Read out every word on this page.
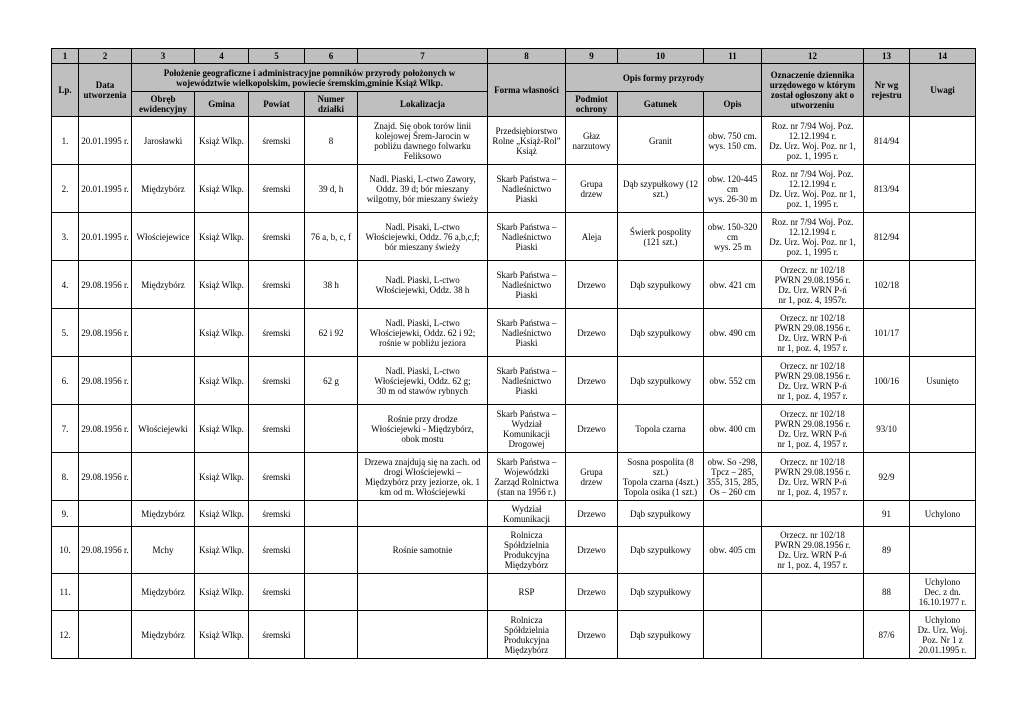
1	2	3	4	5	6	7	8	9	10	11	12	13	14
Lp.	Data
utworzenia	Położenie geograficzne i administracyjne pomników przyrody położonych w
województwie wielkopolskim, powiecie śremskim,gminie Książ Wlkp.					Forma własności	Opis formy przyrody			Oznaczenie dziennika
urzędowego w którym
został ogłoszony akt o
utworzeniu	Nr wg
rejestru	Uwagi
		Obręb
ewidencyjny	Gmina	Powiat	Numer
działki	Lokalizacja		Podmiot
ochrony	Gatunek	Opis			
1.	20.01.1995 r.	Jarosławki	Książ Wlkp.	śremski	8	Znajd. Się obok torów linii
kolejowej Śrem-Jarocin w
pobliżu dawnego folwarku
Feliksowo	Przedsiębiorstwo
Rolne „Książ-Rol”
Książ	Głaz
narzutowy	Granit	obw. 750 cm.
wys. 150 cm.	Roz. nr 7/94 Woj. Poz.
12.12.1994 r.
Dz. Urz. Woj. Poz. nr 1,
poz. 1, 1995 r.	814/94	
2.	20.01.1995 r.	Międzybórz	Książ Wlkp.	śremski	39 d, h	Nadl. Piaski, L-ctwo Zawory,
Oddz. 39 d; bór mieszany
wilgotny, bór mieszany świeży	Skarb Państwa –
Nadleśnictwo
Piaski	Grupa
drzew	Dąb szypułkowy (12
szt.)	obw. 120-445
cm
wys. 26-30 m	Roz. nr 7/94 Woj. Poz.
12.12.1994 r.
Dz. Urz. Woj. Poz. nr 1,
poz. 1, 1995 r.	813/94	
3.	20.01.1995 r.	Włościejewice	Książ Wlkp.	śremski	76 a, b, c, f	Nadl. Pisaki, L-ctwo
Włościejewki, Oddz. 76 a,b,c,f;
bór mieszany świeży	Skarb Państwa –
Nadleśnictwo
Piaski	Aleja	Świerk pospolity
(121 szt.)	obw. 150-320
cm
wys. 25 m	Roz. nr 7/94 Woj. Poz.
12.12.1994 r.
Dz. Urz. Woj. Poz. nr 1,
poz. 1, 1995 r.	812/94	
4.	29.08.1956 r.	Międzybórz	Książ Wlkp.	śremski	38 h	Nadl. Piaski, L-ctwo
Włościejewki, Oddz. 38 h	Skarb Państwa –
Nadleśnictwo
Piaski	Drzewo	Dąb szypułkowy	obw. 421 cm	Orzecz. nr 102/18
PWRN 29.08.1956 r.
Dz. Urz. WRN P-ń
nr 1, poz. 4, 1957r.	102/18	
5.	29.08.1956 r.		Książ Wlkp.	śremski	62 i 92	Nadl. Piaski, L-ctwo
Włościejewki, Oddz. 62 i 92;
rośnie w pobliżu jeziora	Skarb Państwa –
Nadleśnictwo
Piaski	Drzewo	Dąb szypułkowy	obw. 490 cm	Orzecz. nr 102/18
PWRN 29.08.1956 r.
Dz. Urz. WRN P-ń
nr 1, poz. 4, 1957 r.	101/17	
6.	29.08.1956 r.		Książ Wlkp.	śremski	62 g	Nadl. Piaski, L-ctwo
Włościejewki, Oddz. 62 g;
30 m od stawów rybnych	Skarb Państwa –
Nadleśnictwo
Piaski	Drzewo	Dąb szypułkowy	obw. 552 cm	Orzecz. nr 102/18
PWRN 29.08.1956 r.
Dz. Urz. WRN P-ń
nr 1, poz. 4, 1957 r.	100/16	Usunięto
7.	29.08.1956 r.	Włościejewki	Książ Wlkp.	śremski		Rośnie przy drodze
Włościejewki - Międzybórz,
obok mostu	Skarb Państwa –
Wydział
Komunikacji
Drogowej	Drzewo	Topola czarna	obw. 400 cm	Orzecz. nr 102/18
PWRN 29.08.1956 r.
Dz. Urz. WRN P-ń
nr 1, poz. 4, 1957 r.	93/10	
8.	29.08.1956 r.		Książ Wlkp.	śremski		Drzewa znajdują się na zach. od
drogi Włościejewki –
Międzybórz przy jeziorze, ok. 1
km od m. Włościejewki	Skarb Państwa –
Wojewódzki
Zarząd Rolnictwa
(stan na 1956 r.)	Grupa
drzew	Sosna pospolita (8 szt.)
Topola czarna (4szt.)
Topola osika (1 szt.)	obw. So -298,
Tpcz – 285,
355, 315, 285,
Os – 260 cm	Orzecz. nr 102/18
PWRN 29.08.1956 r.
Dz. Urz. WRN P-ń
nr 1, poz. 4, 1957 r.	92/9	
9.		Międzybórz	Książ Wlkp.	śremski			Wydział
Komunikacji	Drzewo	Dąb szypułkowy			91	Uchylono
10.	29.08.1956 r.	Mchy	Książ Wlkp.	śremski		Rośnie samotnie	Rolnicza
Spółdzielnia
Produkcyjna
Międzybórz	Drzewo	Dąb szypułkowy	obw. 405 cm	Orzecz. nr 102/18
PWRN 29.08.1956 r.
Dz. Urz. WRN P-ń
nr 1, poz. 4, 1957 r.	89	
11.		Międzybórz	Książ Wlkp.	śremski			RSP	Drzewo	Dąb szypułkowy			88	Uchylono
Dec. z dn.
16.10.1977 r.
12.		Międzybórz	Książ Wlkp.	śremski			Rolnicza
Spółdzielnia
Produkcyjna
Międzybórz	Drzewo	Dąb szypułkowy			87/6	Uchylono
Dz. Urz. Woj.
Poz. Nr 1 z
20.01.1995 r.
